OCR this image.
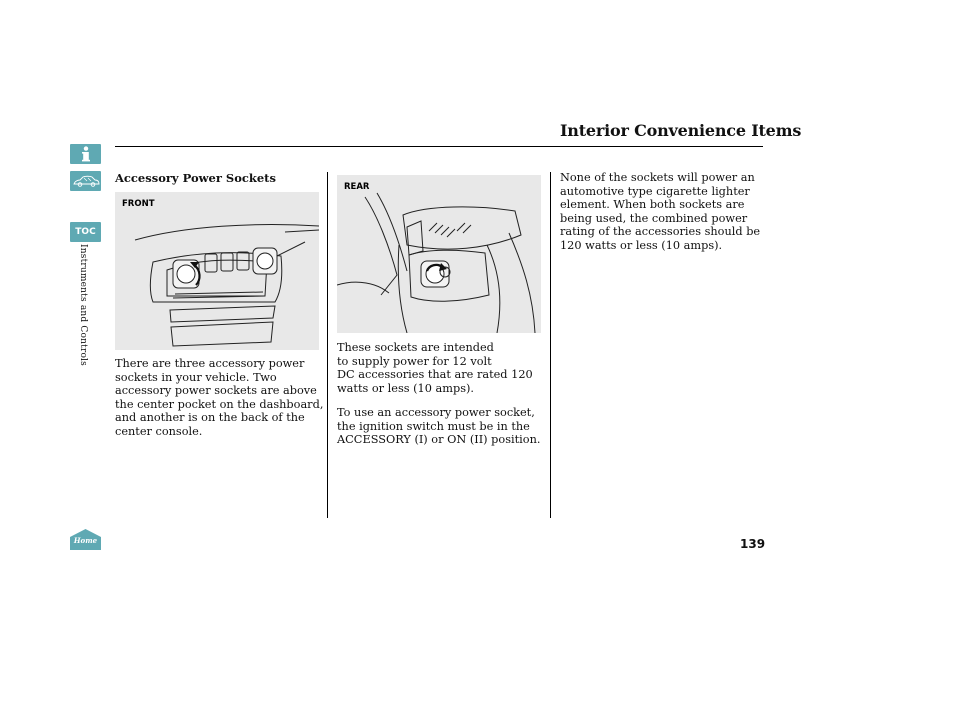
Interior Convenience Items
TOC
Instruments and Controls
Home
Accessory Power Sockets
FRONT
There are three accessory power
sockets in your vehicle. Two
accessory power sockets are above
the center pocket on the dashboard,
and another is on the back of the
center console.
REAR
These sockets are intended
to supply power for 12 volt
DC accessories that are rated 120
watts or less (10 amps).
To use an accessory power socket,
the ignition switch must be in the
ACCESSORY (I) or ON (II) position.
None of the sockets will power an
automotive type cigarette lighter
element. When both sockets are
being used, the combined power
rating of the accessories should be
120 watts or less (10 amps).
139
